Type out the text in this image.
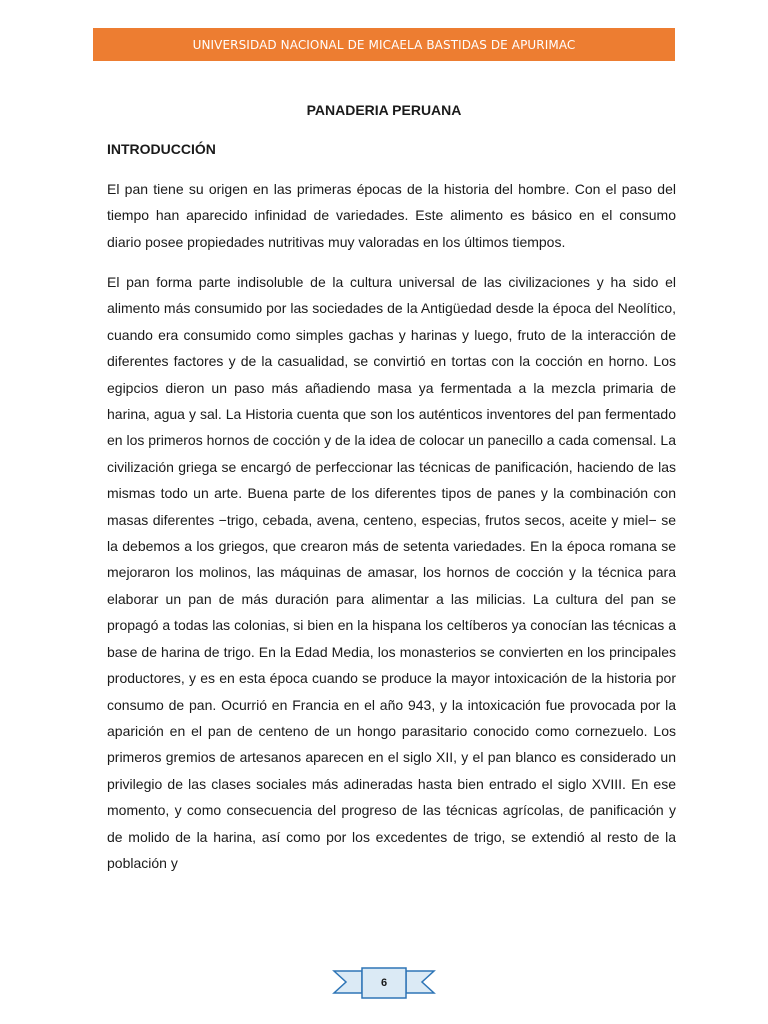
UNIVERSIDAD NACIONAL DE MICAELA BASTIDAS DE APURIMAC
PANADERIA PERUANA
INTRODUCCIÓN

El pan tiene su origen en las primeras épocas de la historia del hombre. Con el paso del tiempo han aparecido infinidad de variedades. Este alimento es básico en el consumo diario posee propiedades nutritivas muy valoradas en los últimos tiempos.

El pan forma parte indisoluble de la cultura universal de las civilizaciones y ha sido el alimento más consumido por las sociedades de la Antigüedad desde la época del Neolítico, cuando era consumido como simples gachas y harinas y luego, fruto de la interacción de diferentes factores y de la casualidad, se convirtió en tortas con la cocción en horno. Los egipcios dieron un paso más añadiendo masa ya fermentada a la mezcla primaria de harina, agua y sal. La Historia cuenta que son los auténticos inventores del pan fermentado en los primeros hornos de cocción y de la idea de colocar un panecillo a cada comensal. La civilización griega se encargó de perfeccionar las técnicas de panificación, haciendo de las mismas todo un arte. Buena parte de los diferentes tipos de panes y la combinación con masas diferentes −trigo, cebada, avena, centeno, especias, frutos secos, aceite y miel− se la debemos a los griegos, que crearon más de setenta variedades. En la época romana se mejoraron los molinos, las máquinas de amasar, los hornos de cocción y la técnica para elaborar un pan de más duración para alimentar a las milicias. La cultura del pan se propagó a todas las colonias, si bien en la hispana los celtíberos ya conocían las técnicas a base de harina de trigo. En la Edad Media, los monasterios se convierten en los principales productores, y es en esta época cuando se produce la mayor intoxicación de la historia por consumo de pan. Ocurrió en Francia en el año 943, y la intoxicación fue provocada por la aparición en el pan de centeno de un hongo parasitario conocido como cornezuelo. Los primeros gremios de artesanos aparecen en el siglo XII, y el pan blanco es considerado un privilegio de las clases sociales más adineradas hasta bien entrado el siglo XVIII. En ese momento, y como consecuencia del progreso de las técnicas agrícolas, de panificación y de molido de la harina, así como por los excedentes de trigo, se extendió al resto de la población y

6
